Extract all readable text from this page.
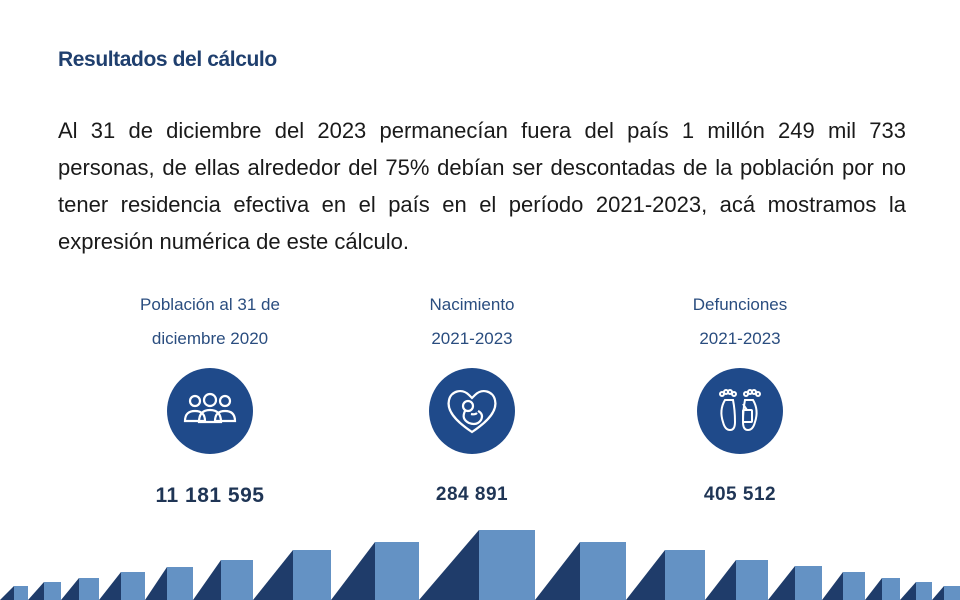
Resultados del cálculo
Al 31 de diciembre del 2023 permanecían fuera del país 1 millón 249 mil 733 personas, de ellas alrededor del 75% debían ser descontadas de la población por no tener residencia efectiva en el país en el período 2021-2023, acá mostramos la expresión numérica de este cálculo.
Población al 31 de
diciembre 2020
11 181 595
Nacimiento
2021-2023
284 891
Defunciones
2021-2023
405 512
